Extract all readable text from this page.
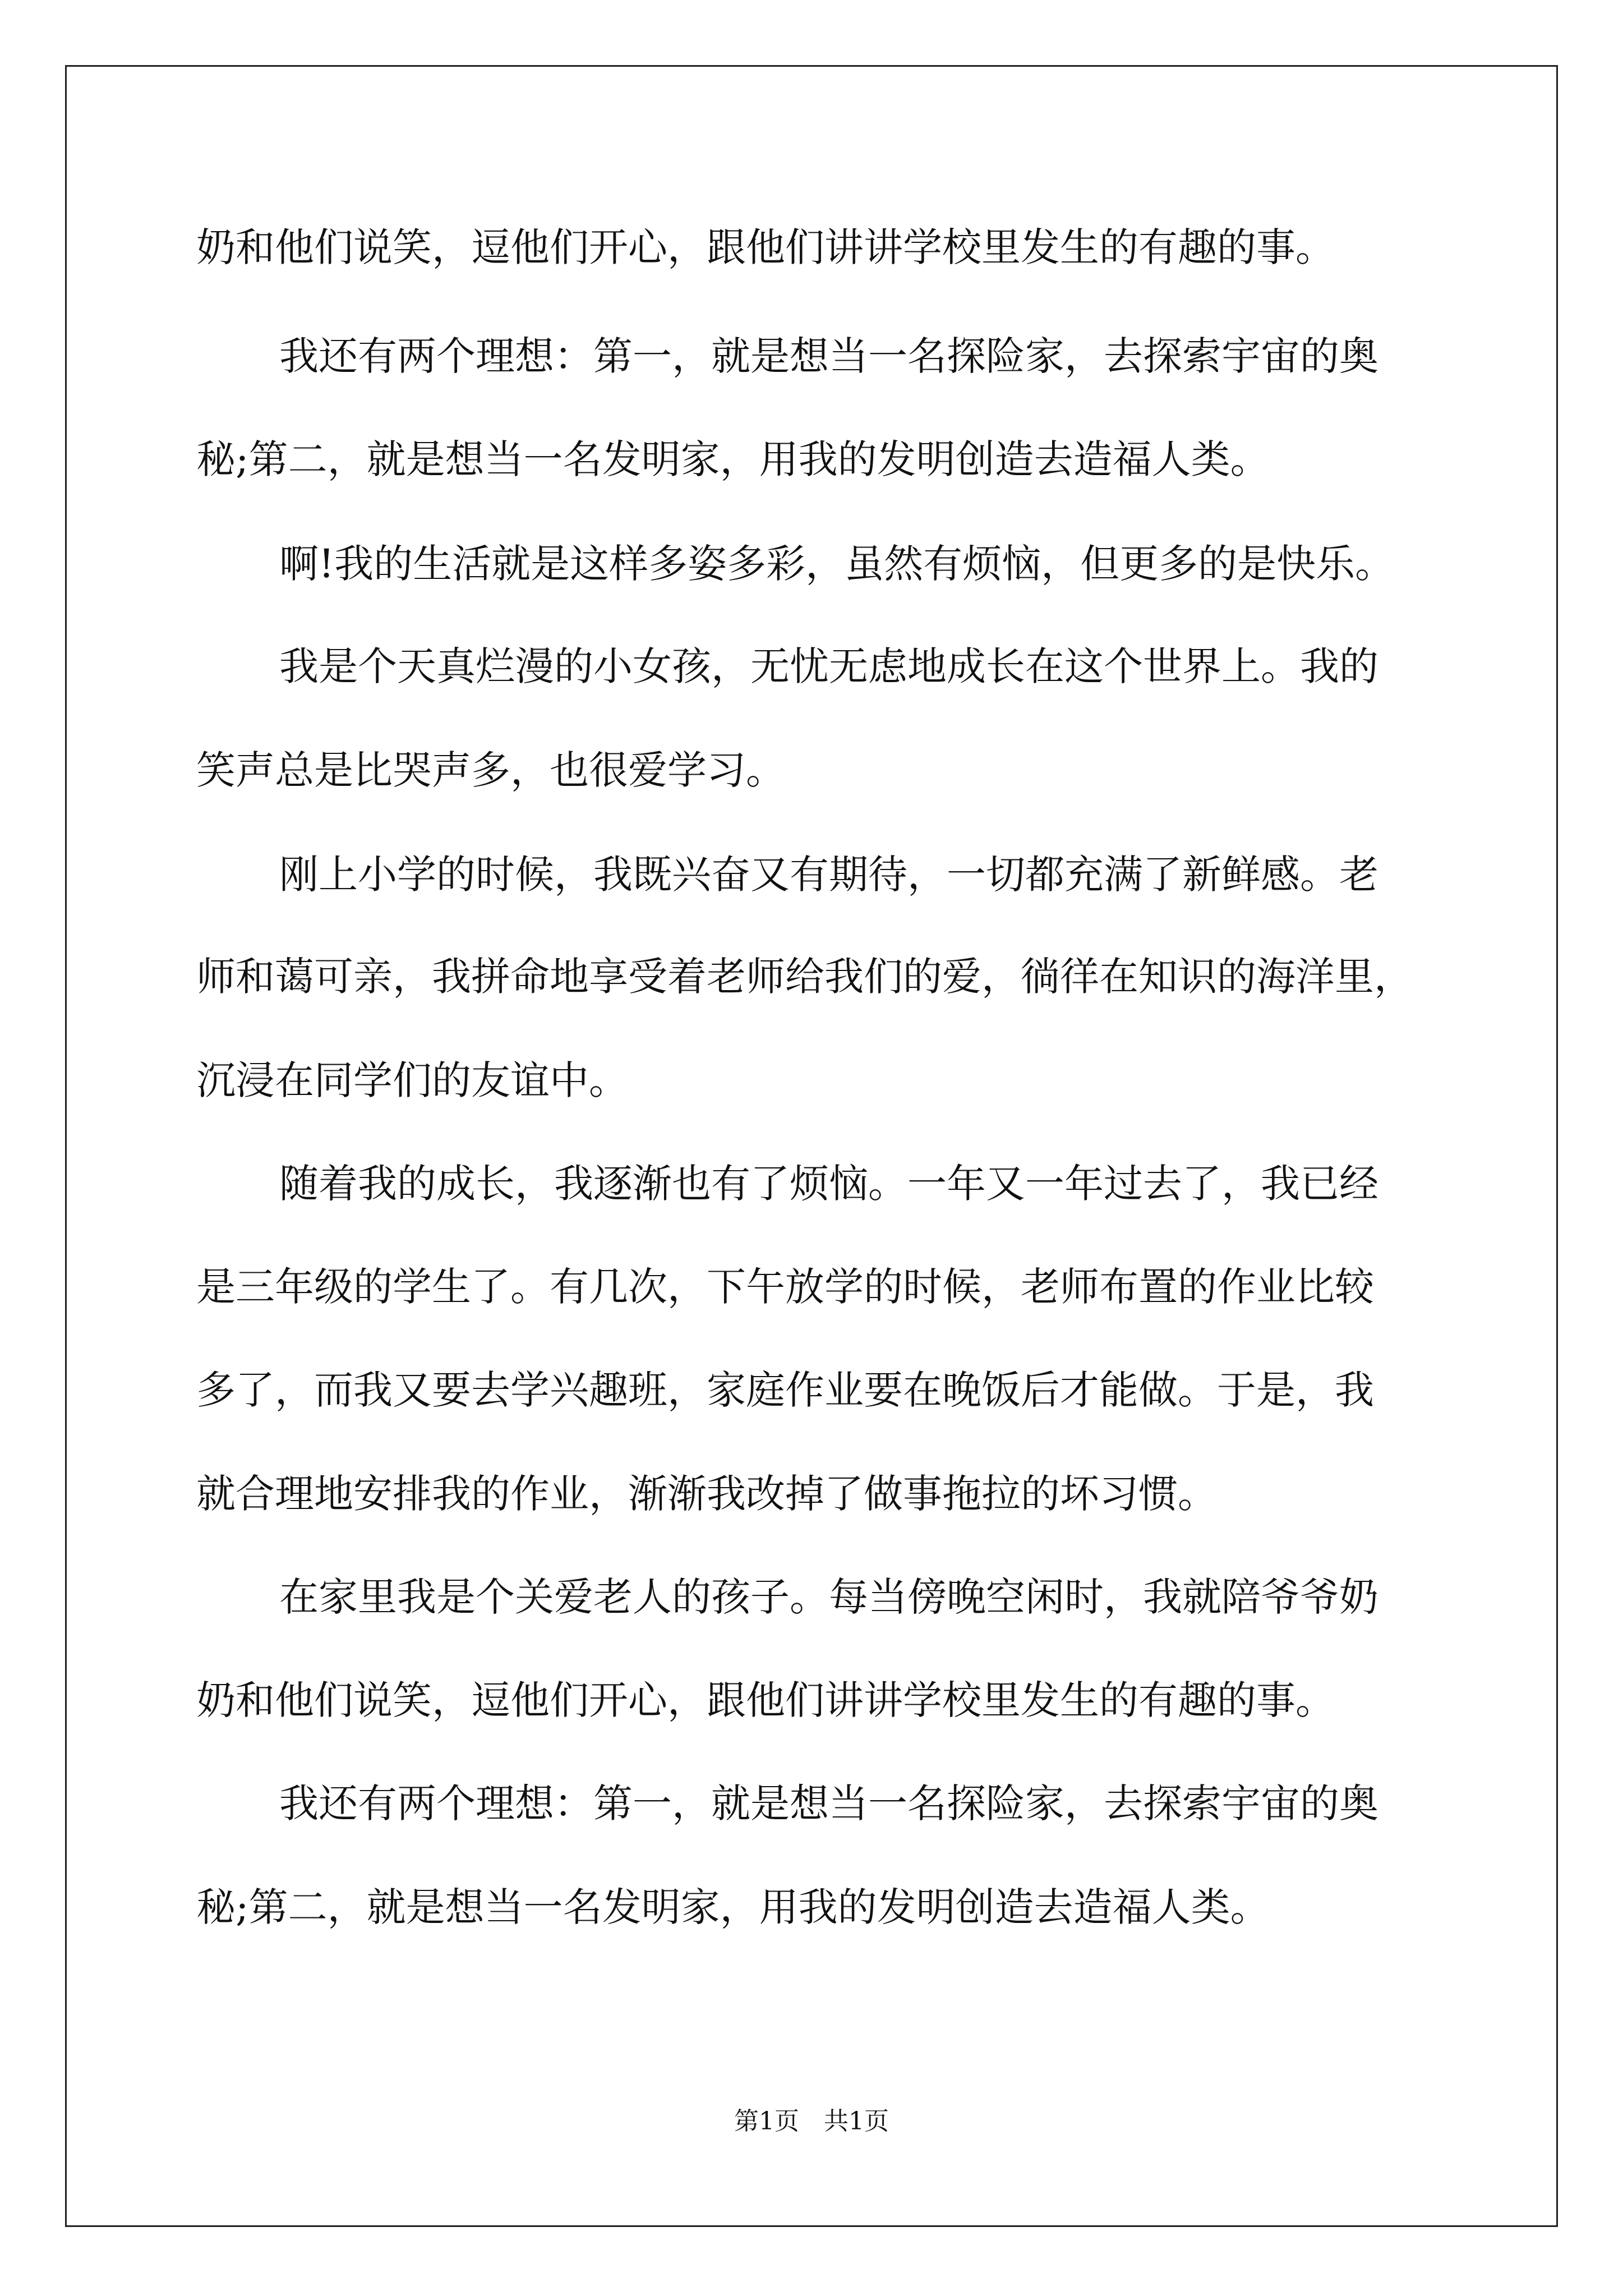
奶和他们说笑，逗他们开心，跟他们讲讲学校里发生的有趣的事。
我还有两个理想：第一，就是想当一名探险家，去探索宇宙的奥
秘;第二，就是想当一名发明家，用我的发明创造去造福人类。
啊!我的生活就是这样多姿多彩，虽然有烦恼，但更多的是快乐。
我是个天真烂漫的小女孩，无忧无虑地成长在这个世界上。我的
笑声总是比哭声多，也很爱学习。
刚上小学的时候，我既兴奋又有期待，一切都充满了新鲜感。老
师和蔼可亲，我拼命地享受着老师给我们的爱，徜徉在知识的海洋里，
沉浸在同学们的友谊中。
随着我的成长，我逐渐也有了烦恼。一年又一年过去了，我已经
是三年级的学生了。有几次，下午放学的时候，老师布置的作业比较
多了，而我又要去学兴趣班，家庭作业要在晚饭后才能做。于是，我
就合理地安排我的作业，渐渐我改掉了做事拖拉的坏习惯。
在家里我是个关爱老人的孩子。每当傍晚空闲时，我就陪爷爷奶
奶和他们说笑，逗他们开心，跟他们讲讲学校里发生的有趣的事。
我还有两个理想：第一，就是想当一名探险家，去探索宇宙的奥
秘;第二，就是想当一名发明家，用我的发明创造去造福人类。
第1页　共1页
